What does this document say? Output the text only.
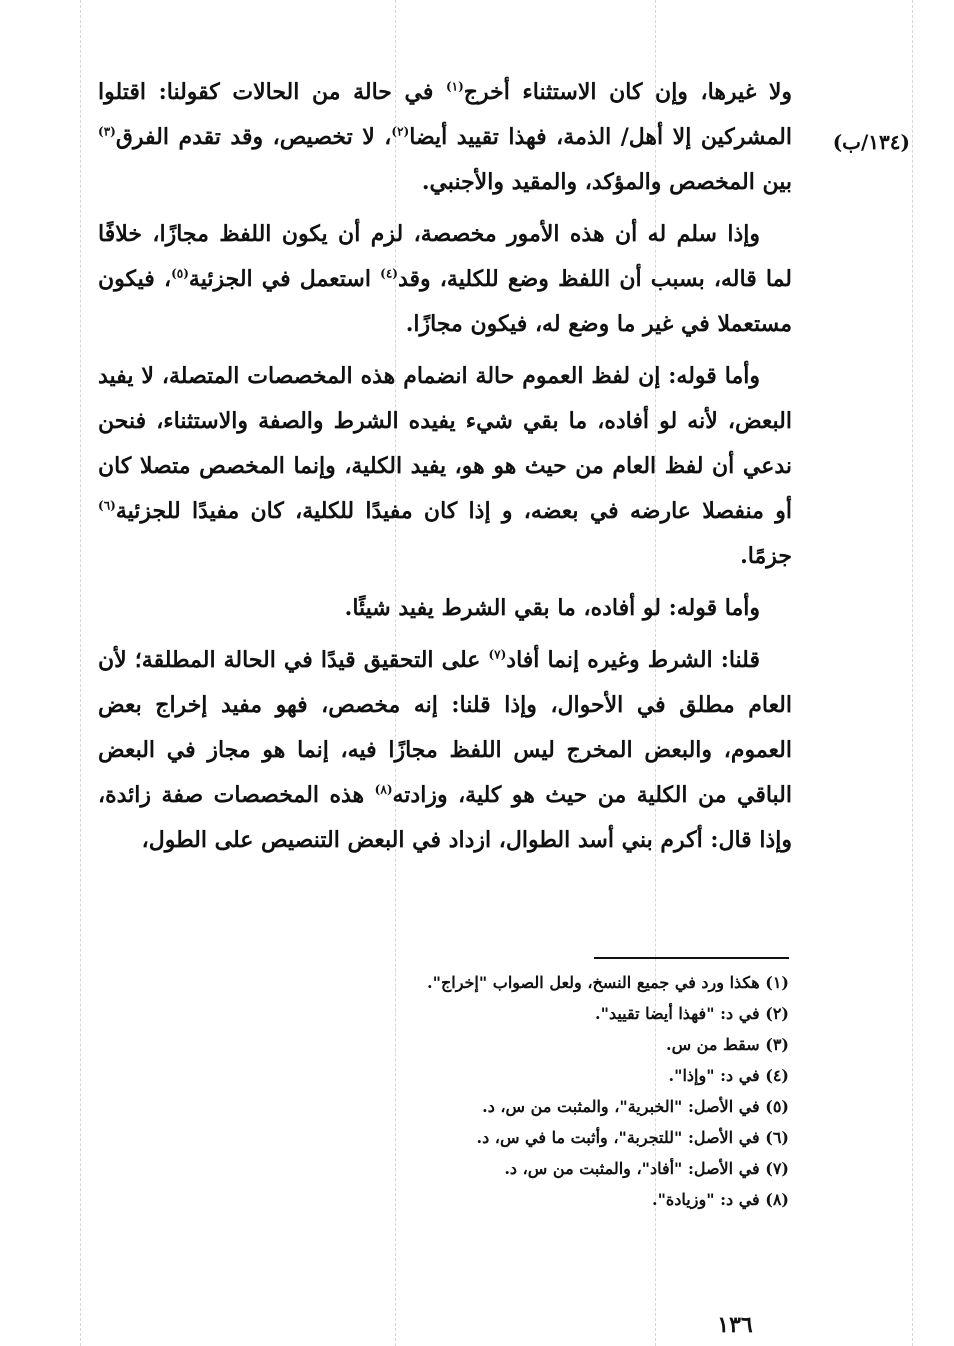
(١٣٤/ب)

ولا غيرها، وإن كان الاستثناء أخرج$^{(١)}$ في حالة من الحالات كقولنا: اقتلوا المشركين إلا أهل/ الذمة، فهذا تقييد أيضا$^{(٢)}$، لا تخصيص، وقد تقدم الفرق$^{(٣)}$ بين المخصص والمؤكد، والمقيد والأجنبي.

وإذا سلم له أن هذه الأمور مخصصة، لزم أن يكون اللفظ مجازًا، خلافًا لما قاله، بسبب أن اللفظ وضع للكلية، وقد$^{(٤)}$ استعمل في الجزئية$^{(٥)}$، فيكون مستعملا في غير ما وضع له، فيكون مجازًا.

وأما قوله: إن لفظ العموم حالة انضمام هذه المخصصات المتصلة، لا يفيد البعض، لأنه لو أفاده، ما بقي شيء يفيده الشرط والصفة والاستثناء، فنحن ندعي أن لفظ العام من حيث هو هو، يفيد الكلية، وإنما المخصص متصلا كان أو منفصلا عارضه في بعضه، و إذا كان مفيدًا للكلية، كان مفيدًا للجزئية$^{(٦)}$ جزمًا.

وأما قوله: لو أفاده، ما بقي الشرط يفيد شيئًا.

قلنا: الشرط وغيره إنما أفاد$^{(٧)}$ على التحقيق قيدًا في الحالة المطلقة؛ لأن العام مطلق في الأحوال، وإذا قلنا: إنه مخصص، فهو مفيد إخراج بعض العموم، والبعض المخرج ليس اللفظ مجازًا فيه، إنما هو مجاز في البعض الباقي من الكلية من حيث هو كلية، وزادته$^{(٨)}$ هذه المخصصات صفة زائدة، وإذا قال: أكرم بني أسد الطوال، ازداد في البعض التنصيص على الطول،

(١) هكذا ورد في جميع النسخ، ولعل الصواب "إخراج".
(٢) في د: "فهذا أيضا تقييد".
(٣) سقط من س.
(٤) في د: "وإذا".
(٥) في الأصل: "الخبرية"، والمثبت من س، د.
(٦) في الأصل: "للتجربة"، وأثبت ما في س، د.
(٧) في الأصل: "أفاد"، والمثبت من س، د.
(٨) في د: "وزيادة".
١٣٦
